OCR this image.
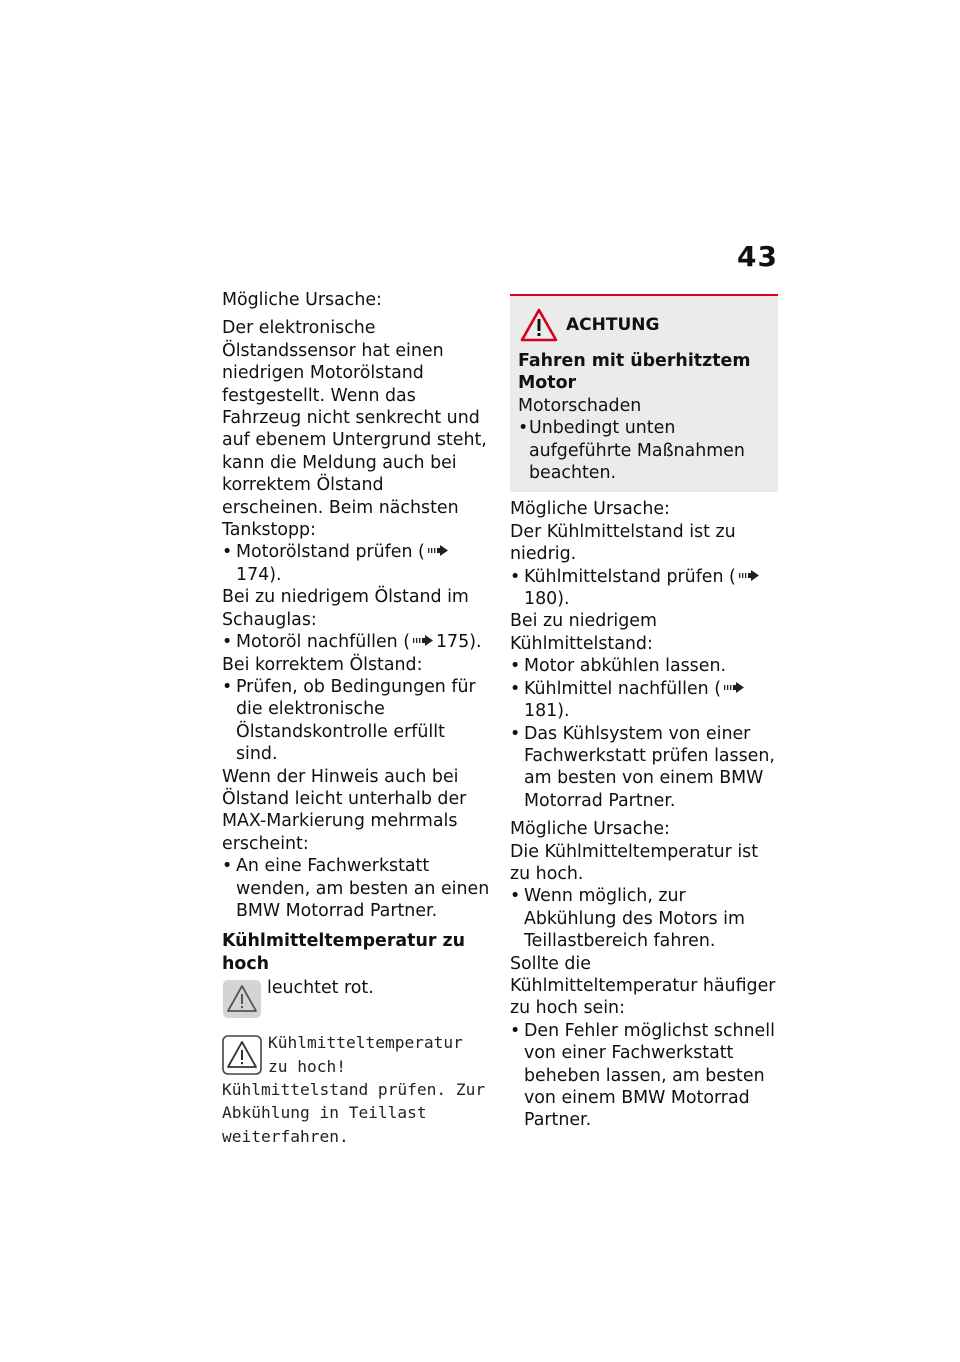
43

Mögliche Ursache:

Der elektronische Ölstandssensor hat einen niedrigen Motorölstand festgestellt. Wenn das Fahrzeug nicht senkrecht und auf ebenem Untergrund steht, kann die Meldung auch bei korrektem Ölstand erscheinen. Beim nächsten Tankstopp:

• Motorölstand prüfen (174).

Bei zu niedrigem Ölstand im Schauglas:

• Motoröl nachfüllen ( 175).

Bei korrektem Ölstand:

• Prüfen, ob Bedingungen für die elektronische Ölstandskontrolle erfüllt sind.

Wenn der Hinweis auch bei Ölstand leicht unterhalb der MAX-Markierung mehrmals erscheint:

• An eine Fachwerkstatt wenden, am besten an einen BMW Motorrad Partner.

Kühlmitteltemperatur zu hoch

leuchtet rot.
Kühlmitteltemperatur zu hoch! Kühlmittelstand prüfen. Zur Abkühlung in Teillast weiterfahren.
ACHTUNG

Fahren mit überhitztem Motor

Motorschaden

• Unbedingt unten aufgeführte Maßnahmen beachten.

Mögliche Ursache:

Der Kühlmittelstand ist zu niedrig.

• Kühlmittelstand prüfen (180).

Bei zu niedrigem Kühlmittelstand:

• Motor abkühlen lassen.

• Kühlmittel nachfüllen (181).

• Das Kühlsystem von einer Fachwerkstatt prüfen lassen, am besten von einem BMW Motorrad Partner.

Mögliche Ursache:

Die Kühlmitteltemperatur ist zu hoch.

• Wenn möglich, zur Abkühlung des Motors im Teillastbereich fahren.

Sollte die Kühlmitteltemperatur häufiger zu hoch sein:

• Den Fehler möglichst schnell von einer Fachwerkstatt beheben lassen, am besten von einem BMW Motorrad Partner.
